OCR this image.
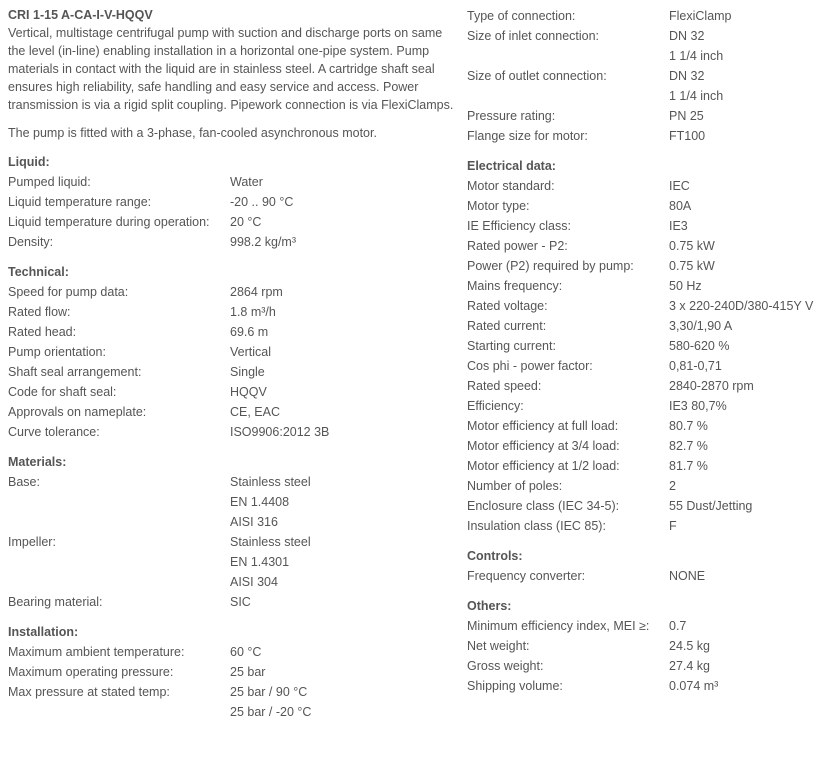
CRI 1-15 A-CA-I-V-HQQV

Vertical, multistage centrifugal pump with suction and discharge ports on same the level (in-line) enabling installation in a horizontal one-pipe system. Pump materials in contact with the liquid are in stainless steel. A cartridge shaft seal ensures high reliability, safe handling and easy service and access. Power transmission is via a rigid split coupling. Pipework connection is via FlexiClamps.

The pump is fitted with a 3-phase, fan-cooled asynchronous motor.

Liquid:
Pumped liquid:	Water
Liquid temperature range:	-20 .. 90 °C
Liquid temperature during operation:	20 °C
Density:	998.2 kg/m³
Technical:
Speed for pump data:	2864 rpm
Rated flow:	1.8 m³/h
Rated head:	69.6 m
Pump orientation:	Vertical
Shaft seal arrangement:	Single
Code for shaft seal:	HQQV
Approvals on nameplate:	CE, EAC
Curve tolerance:	ISO9906:2012 3B
Materials:
Base:	Stainless steel
EN 1.4408
AISI 316
Impeller:	Stainless steel
EN 1.4301
AISI 304
Bearing material:	SIC
Installation:
Maximum ambient temperature:	60 °C
Maximum operating pressure:	25 bar
Max pressure at stated temp:	25 bar / 90 °C
25 bar / -20 °C
Type of connection:	FlexiClamp
Size of inlet connection:	DN 32
1 1/4 inch
Size of outlet connection:	DN 32
1 1/4 inch
Pressure rating:	PN 25
Flange size for motor:	FT100
Electrical data:
Motor standard:	IEC
Motor type:	80A
IE Efficiency class:	IE3
Rated power - P2:	0.75 kW
Power (P2) required by pump:	0.75 kW
Mains frequency:	50 Hz
Rated voltage:	3 x 220-240D/380-415Y V
Rated current:	3,30/1,90 A
Starting current:	580-620 %
Cos phi - power factor:	0,81-0,71
Rated speed:	2840-2870 rpm
Efficiency:	IE3 80,7%
Motor efficiency at full load:	80.7 %
Motor efficiency at 3/4 load:	82.7 %
Motor efficiency at 1/2 load:	81.7 %
Number of poles:	2
Enclosure class (IEC 34-5):	55 Dust/Jetting
Insulation class (IEC 85):	F
Controls:
Frequency converter:	NONE
Others:
Minimum efficiency index, MEI ≥:	0.7
Net weight:	24.5 kg
Gross weight:	27.4 kg
Shipping volume:	0.074 m³
